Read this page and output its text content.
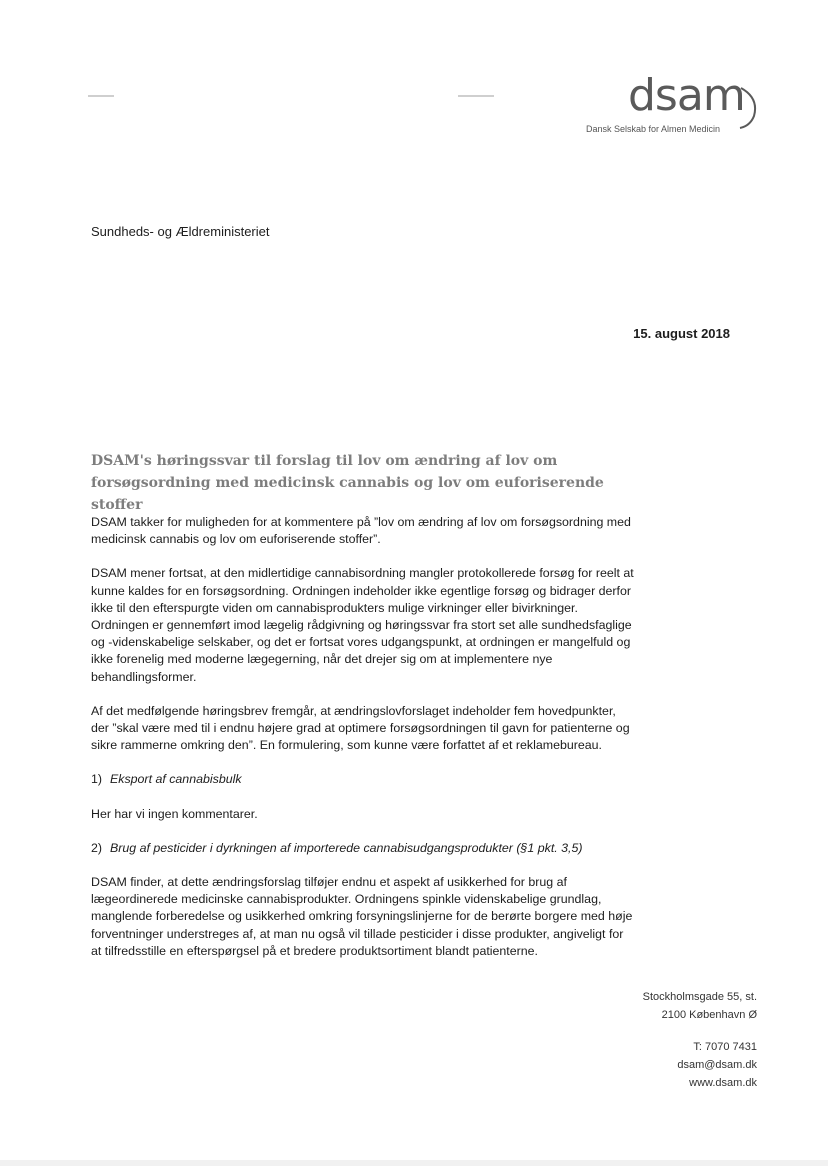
dsam
Dansk Selskab for Almen Medicin
Sundheds- og Ældreministeriet
15. august 2018
DSAM's høringssvar til forslag til lov om ændring af lov om forsøgsordning med medicinsk cannabis og lov om euforiserende stoffer

DSAM takker for muligheden for at kommentere på ”lov om ændring af lov om forsøgsordning med medicinsk cannabis og lov om euforiserende stoffer”.

DSAM mener fortsat, at den midlertidige cannabisordning mangler protokollerede forsøg for reelt at kunne kaldes for en forsøgsordning. Ordningen indeholder ikke egentlige forsøg og bidrager derfor ikke til den efterspurgte viden om cannabisprodukters mulige virkninger eller bivirkninger. Ordningen er gennemført imod lægelig rådgivning og høringssvar fra stort set alle sundhedsfaglige og -videnskabelige selskaber, og det er fortsat vores udgangspunkt, at ordningen er mangelfuld og ikke forenelig med moderne lægegerning, når det drejer sig om at implementere nye behandlingsformer.

Af det medfølgende høringsbrev fremgår, at ændringslovforslaget indeholder fem hovedpunkter, der ”skal være med til i endnu højere grad at optimere forsøgsordningen til gavn for patienterne og sikre rammerne omkring den”. En formulering, som kunne være forfattet af et reklamebureau.

1) Eksport af cannabisbulk

Her har vi ingen kommentarer.

2) Brug af pesticider i dyrkningen af importerede cannabisudgangsprodukter (§1 pkt. 3,5)

DSAM finder, at dette ændringsforslag tilføjer endnu et aspekt af usikkerhed for brug af lægeordinerede medicinske cannabisprodukter. Ordningens spinkle videnskabelige grundlag, manglende forberedelse og usikkerhed omkring forsyningslinjerne for de berørte borgere med høje forventninger understreges af, at man nu også vil tillade pesticider i disse produkter, angiveligt for at tilfredsstille en efterspørgsel på et bredere produktsortiment blandt patienterne.

Stockholmsgade 55, st.
2100 København Ø
T: 7070 7431
dsam@dsam.dk
www.dsam.dk
